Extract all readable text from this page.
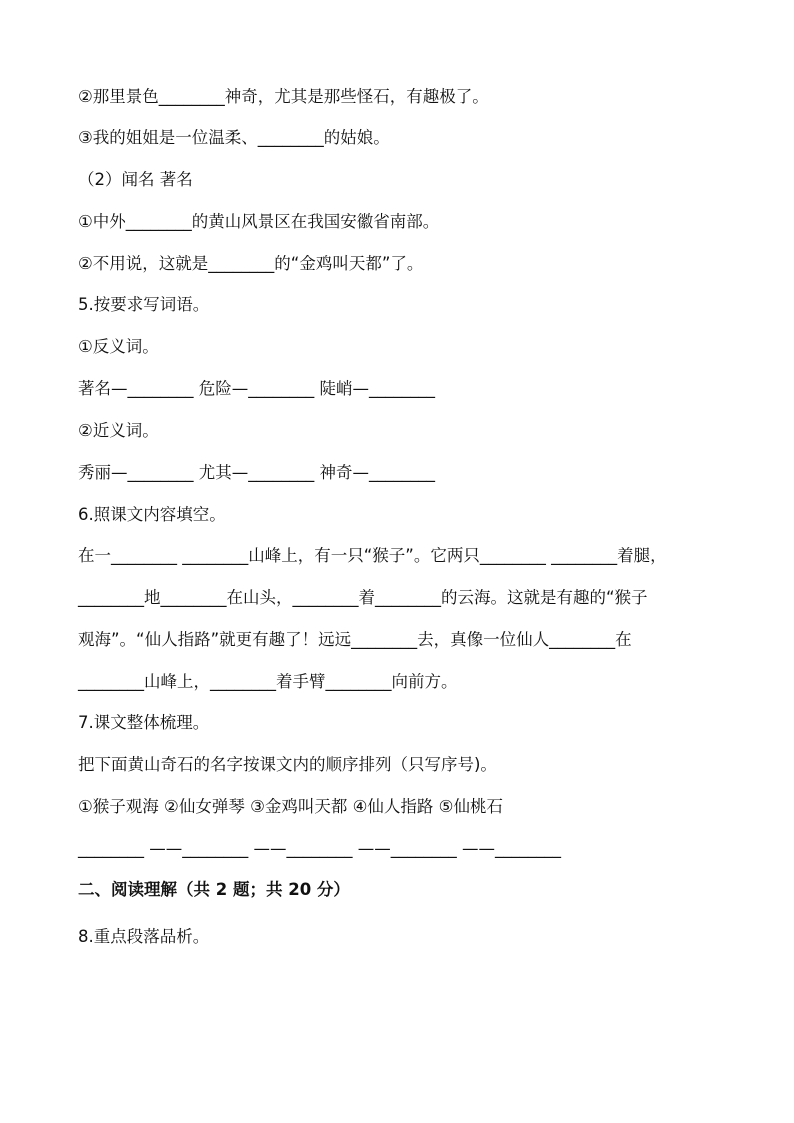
②那里景色________神奇，尤其是那些怪石，有趣极了。
③我的姐姐是一位温柔、________的姑娘。
（2）闻名 著名
①中外________的黄山风景区在我国安徽省南部。
②不用说，这就是________的“金鸡叫天都”了。
5.按要求写词语。
①反义词。
著名—________ 危险—________ 陡峭—________
②近义词。
秀丽—________ 尤其—________ 神奇—________
6.照课文内容填空。
在一________ ________山峰上，有一只“猴子”。它两只________ ________着腿，
________地________在山头，________着________的云海。这就是有趣的“猴子
观海”。“仙人指路”就更有趣了！远远________去，真像一位仙人________在
________山峰上，________着手臂________向前方。
7.课文整体梳理。
把下面黄山奇石的名字按课文内的顺序排列（只写序号)。
①猴子观海 ②仙女弹琴 ③金鸡叫天都 ④仙人指路 ⑤仙桃石
________ ——________ ——________ ——________ ——________
二、阅读理解（共 2 题；共 20 分）
8.重点段落品析。
